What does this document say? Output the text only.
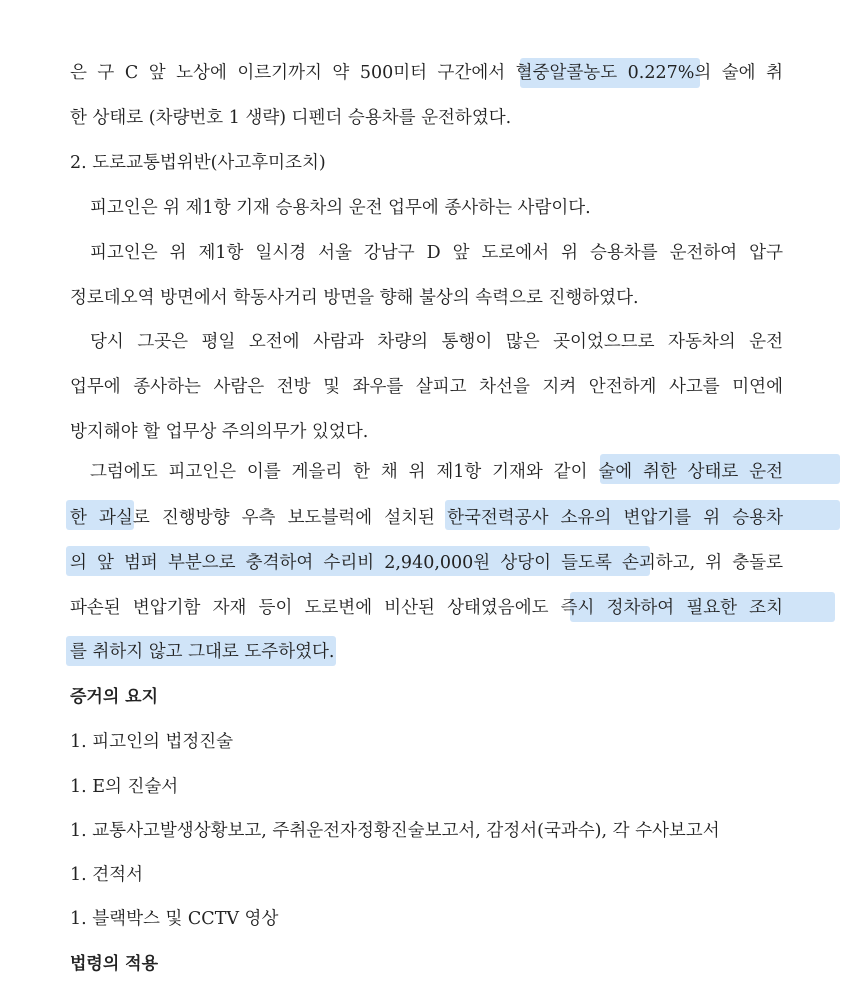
은 구 C 앞 노상에 이르기까지 약 500미터 구간에서 혈중알콜농도 0.227%의 술에 취
한 상태로 (차량번호 1 생략) 디펜더 승용차를 운전하였다.
2. 도로교통법위반(사고후미조치)
피고인은 위 제1항 기재 승용차의 운전 업무에 종사하는 사람이다.
피고인은 위 제1항 일시경 서울 강남구 D 앞 도로에서 위 승용차를 운전하여 압구
정로데오역 방면에서 학동사거리 방면을 향해 불상의 속력으로 진행하였다.
당시 그곳은 평일 오전에 사람과 차량의 통행이 많은 곳이었으므로 자동차의 운전
업무에 종사하는 사람은 전방 및 좌우를 살피고 차선을 지켜 안전하게 사고를 미연에
방지해야 할 업무상 주의의무가 있었다.
그럼에도 피고인은 이를 게을리 한 채 위 제1항 기재와 같이 술에 취한 상태로 운전
한 과실로 진행방향 우측 보도블럭에 설치된 한국전력공사 소유의 변압기를 위 승용차
의 앞 범퍼 부분으로 충격하여 수리비 2,940,000원 상당이 들도록 손괴하고, 위 충돌로
파손된 변압기함 자재 등이 도로변에 비산된 상태였음에도 즉시 정차하여 필요한 조치
를 취하지 않고 그대로 도주하였다.
증거의 요지
1. 피고인의 법정진술
1. E의 진술서
1. 교통사고발생상황보고, 주취운전자정황진술보고서, 감정서(국과수), 각 수사보고서
1. 견적서
1. 블랙박스 및 CCTV 영상
법령의 적용
